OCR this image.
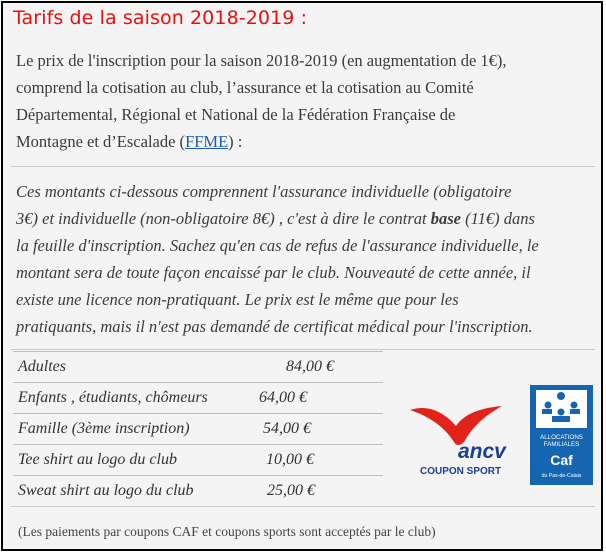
Tarifs de la saison 2018-2019 :
Le prix de l'inscription pour la saison 2018-2019 (en augmentation de 1€),
comprend la cotisation au club, l’assurance et la cotisation au Comité
Départemental, Régional et National de la Fédération Française de
Montagne et d’Escalade (FFME) :
Ces montants ci-dessous comprennent l'assurance individuelle (obligatoire
3€) et individuelle (non-obligatoire 8€) , c'est à dire le contrat base (11€) dans
la feuille d'inscription. Sachez qu'en cas de refus de l'assurance individuelle, le
montant sera de toute façon encaissé par le club. Nouveauté de cette année, il
existe une licence non-pratiquant. Le prix est le même que pour les
pratiquants, mais il n'est pas demandé de certificat médical pour l'inscription.
Adultes	84,00 €
Enfants , étudiants, chômeurs	64,00 €
Famille (3ème inscription)	54,00 €
Tee shirt au logo du club	10,00 €
Sweat shirt au logo du club	25,00 €
ancv
COUPON SPORT
ALLOCATIONS
FAMILIALES
Caf
du Pas-de-Calais
(Les paiements par coupons CAF et coupons sports sont acceptés par le club)
